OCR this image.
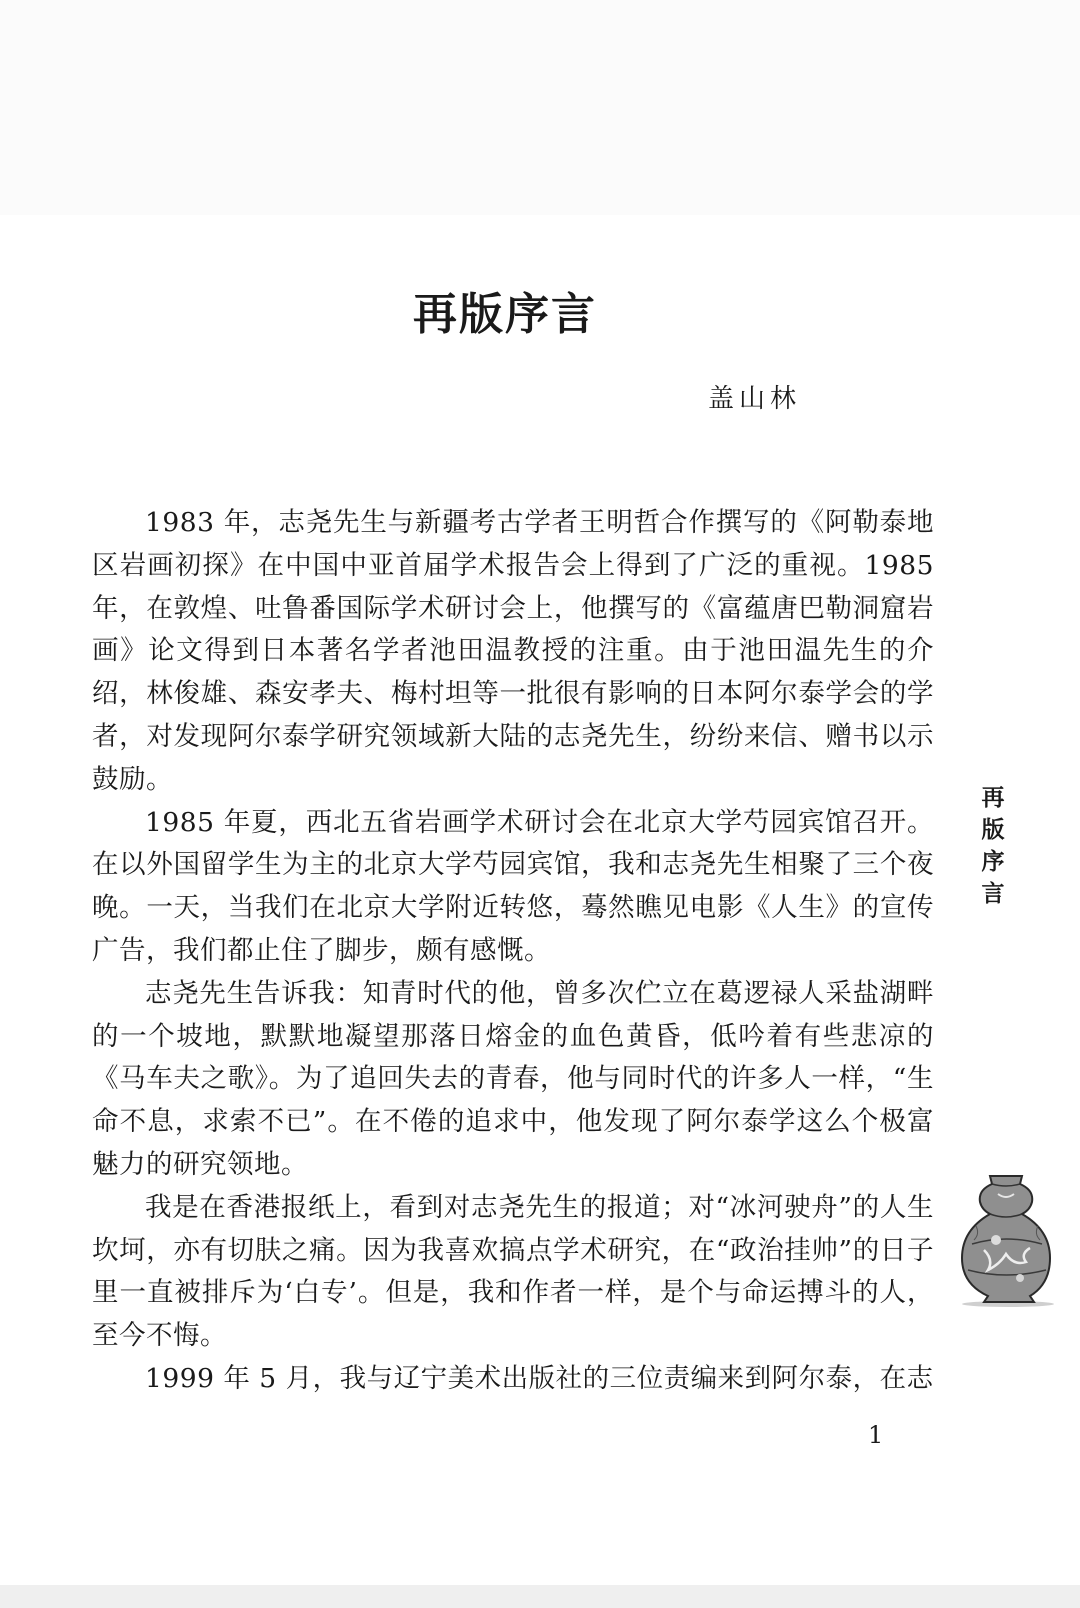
再版序言
盖山林

1983 年，志尧先生与新疆考古学者王明哲合作撰写的《阿勒泰地区岩画初探》在中国中亚首届学术报告会上得到了广泛的重视。1985 年，在敦煌、吐鲁番国际学术研讨会上，他撰写的《富蕴唐巴勒洞窟岩画》论文得到日本著名学者池田温教授的注重。由于池田温先生的介绍，林俊雄、森安孝夫、梅村坦等一批很有影响的日本阿尔泰学会的学者，对发现阿尔泰学研究领域新大陆的志尧先生，纷纷来信、赠书以示鼓励。

1985 年夏，西北五省岩画学术研讨会在北京大学芍园宾馆召开。在以外国留学生为主的北京大学芍园宾馆，我和志尧先生相聚了三个夜晚。一天，当我们在北京大学附近转悠，蓦然瞧见电影《人生》的宣传广告，我们都止住了脚步，颇有感慨。

志尧先生告诉我：知青时代的他，曾多次伫立在葛逻禄人采盐湖畔的一个坡地，默默地凝望那落日熔金的血色黄昏，低吟着有些悲凉的《马车夫之歌》。为了追回失去的青春，他与同时代的许多人一样，“生命不息，求索不已”。在不倦的追求中，他发现了阿尔泰学这么个极富魅力的研究领地。

我是在香港报纸上，看到对志尧先生的报道；对“冰河驶舟”的人生坎坷，亦有切肤之痛。因为我喜欢搞点学术研究，在“政治挂帅”的日子里一直被排斥为‘白专’。但是，我和作者一样，是个与命运搏斗的人，至今不悔。

1999 年 5 月，我与辽宁美术出版社的三位责编来到阿尔泰，在志

再
版
序
言
1
